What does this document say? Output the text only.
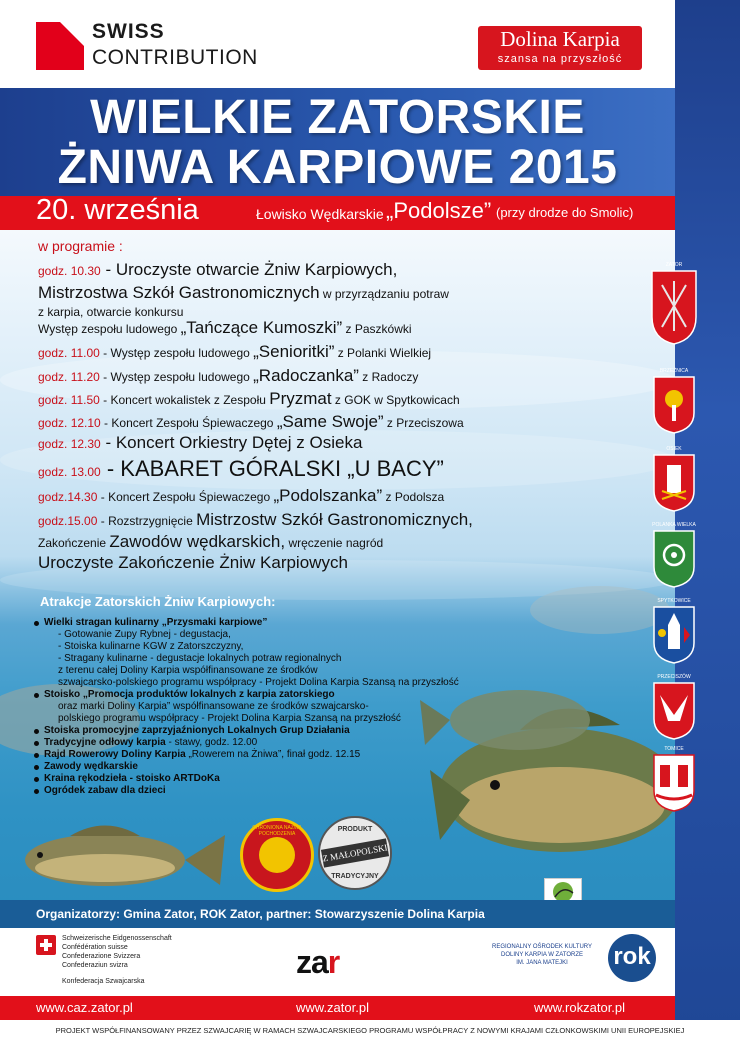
SWISS
CONTRIBUTION
Dolina Karpia
szansa na przyszłość
WIELKIE ZATORSKIE
ŻNIWA KARPIOWE 2015
20. września	Łowisko Wędkarskie „Podolsze” (przy drodze do Smolic)
w programie :
godz. 10.30 - Uroczyste otwarcie Żniw Karpiowych,
Mistrzostwa Szkół Gastronomicznych w przyrządzaniu potraw
z karpia, otwarcie konkursu
Występ zespołu ludowego „Tańczące Kumoszki” z Paszkówki
godz. 11.00 - Występ zespołu ludowego „Senioritki” z Polanki Wielkiej
godz. 11.20 - Występ zespołu ludowego „Radoczanka” z Radoczy
godz. 11.50 - Koncert wokalistek z Zespołu Pryzmat z GOK w Spytkowicach
godz. 12.10 - Koncert Zespołu Śpiewaczego „Same Swoje” z Przeciszowa
godz. 12.30 - Koncert Orkiestry Dętej z Osieka
godz. 13.00 - KABARET GÓRALSKI „U BACY”
godz.14.30 - Koncert Zespołu Śpiewaczego „Podolszanka” z Podolsza
godz.15.00 - Rozstrzygnięcie Mistrzostw Szkół Gastronomicznych,
Zakończenie Zawodów wędkarskich, wręczenie nagród
Uroczyste Zakończenie Żniw Karpiowych
Atrakcje Zatorskich Żniw Karpiowych:
Wielki stragan kulinarny „Przysmaki karpiowe”
- Gotowanie Zupy Rybnej - degustacja,
- Stoiska kulinarne KGW z Zatorszczyzny,
- Stragany kulinarne - degustacje lokalnych potraw regionalnych
z terenu całej Doliny Karpia współfinansowane ze środków
szwajcarsko-polskiego programu współpracy - Projekt Dolina Karpia Szansą na przyszłość
Stoisko „Promocja produktów lokalnych z karpia zatorskiego
oraz marki Doliny Karpia” współfinansowane ze środków szwajcarsko-
polskiego programu współpracy - Projekt Dolina Karpia Szansą na przyszłość
Stoiska promocyjne zaprzyjaźnionych Lokalnych Grup Działania
Tradycyjne odłowy karpia - stawy, godz. 12.00
Rajd Rowerowy Doliny Karpia „Rowerem na Żniwa”, finał godz. 12.15
Zawody wędkarskie
Kraina rękodzieła - stoisko ARTDoKa
Ogródek zabaw dla dzieci
CHRONIONA NAZWA POCHODZENIA
PRODUKT
Z MAŁOPOLSKI
TRADYCYJNY
Organizatorzy: Gmina Zator, ROK Zator, partner: Stowarzyszenie Dolina Karpia
Schweizerische Eidgenossenschaft
Confédération suisse
Confederazione Svizzera
Confederaziun svizra
Konfederacja Szwajcarska
zar	REGIONALNY OŚRODEK KULTURY
DOLINY KARPIA W ZATORZE
IM. JANA MATEJKI	rok
www.caz.zator.pl	www.zator.pl	www.rokzator.pl
PROJEKT WSPÓŁFINANSOWANY PRZEZ SZWAJCARIĘ W RAMACH SZWAJCARSKIEGO PROGRAMU WSPÓŁPRACY Z NOWYMI KRAJAMI CZŁONKOWSKIMI UNII EUROPEJSKIEJ
ZATOR
BRZEŹNICA
OSIEK
POLANKA WIELKA
SPYTKOWICE
PRZECISZÓW
TOMICE
